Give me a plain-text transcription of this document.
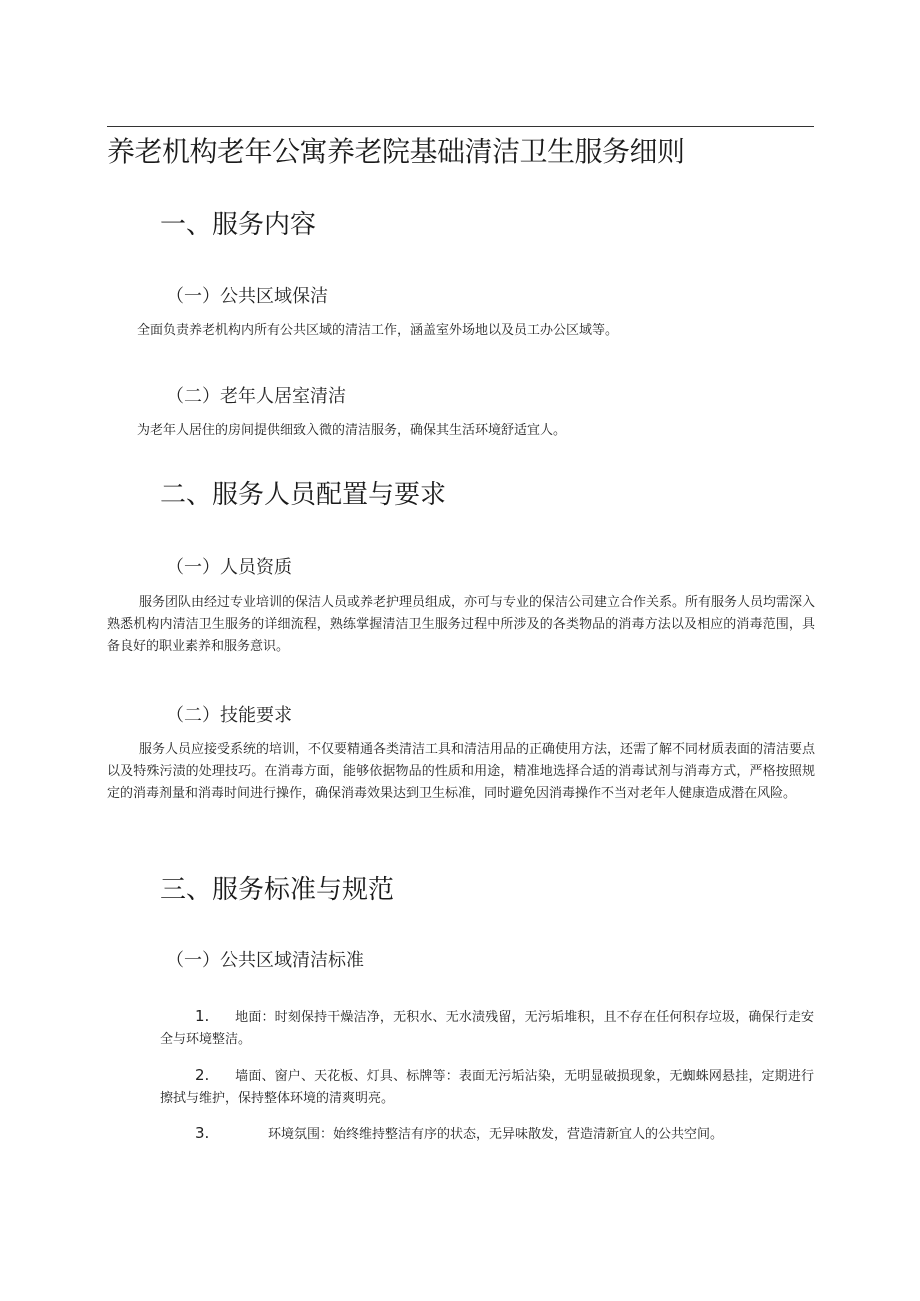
养老机构老年公寓养老院基础清洁卫生服务细则
一、服务内容
（一）公共区域保洁
全面负责养老机构内所有公共区域的清洁工作，涵盖室外场地以及员工办公区域等。
（二）老年人居室清洁
为老年人居住的房间提供细致入微的清洁服务，确保其生活环境舒适宜人。
二、服务人员配置与要求
（一）人员资质
服务团队由经过专业培训的保洁人员或养老护理员组成，亦可与专业的保洁公司建立合作关系。所有服务人员均需深入熟悉机构内清洁卫生服务的详细流程，熟练掌握清洁卫生服务过程中所涉及的各类物品的消毒方法以及相应的消毒范围，具备良好的职业素养和服务意识。
（二）技能要求
服务人员应接受系统的培训，不仅要精通各类清洁工具和清洁用品的正确使用方法，还需了解不同材质表面的清洁要点以及特殊污渍的处理技巧。在消毒方面，能够依据物品的性质和用途，精准地选择合适的消毒试剂与消毒方式，严格按照规定的消毒剂量和消毒时间进行操作，确保消毒效果达到卫生标准，同时避免因消毒操作不当对老年人健康造成潜在风险。
三、服务标准与规范
（一）公共区域清洁标准
1.	地面：时刻保持干燥洁净，无积水、无水渍残留，无污垢堆积，且不存在任何积存垃圾，确保行走安全与环境整洁。
2.	墙面、窗户、天花板、灯具、标牌等：表面无污垢沾染，无明显破损现象，无蜘蛛网悬挂，定期进行擦拭与维护，保持整体环境的清爽明亮。
3.	环境氛围：始终维持整洁有序的状态，无异味散发，营造清新宜人的公共空间。
